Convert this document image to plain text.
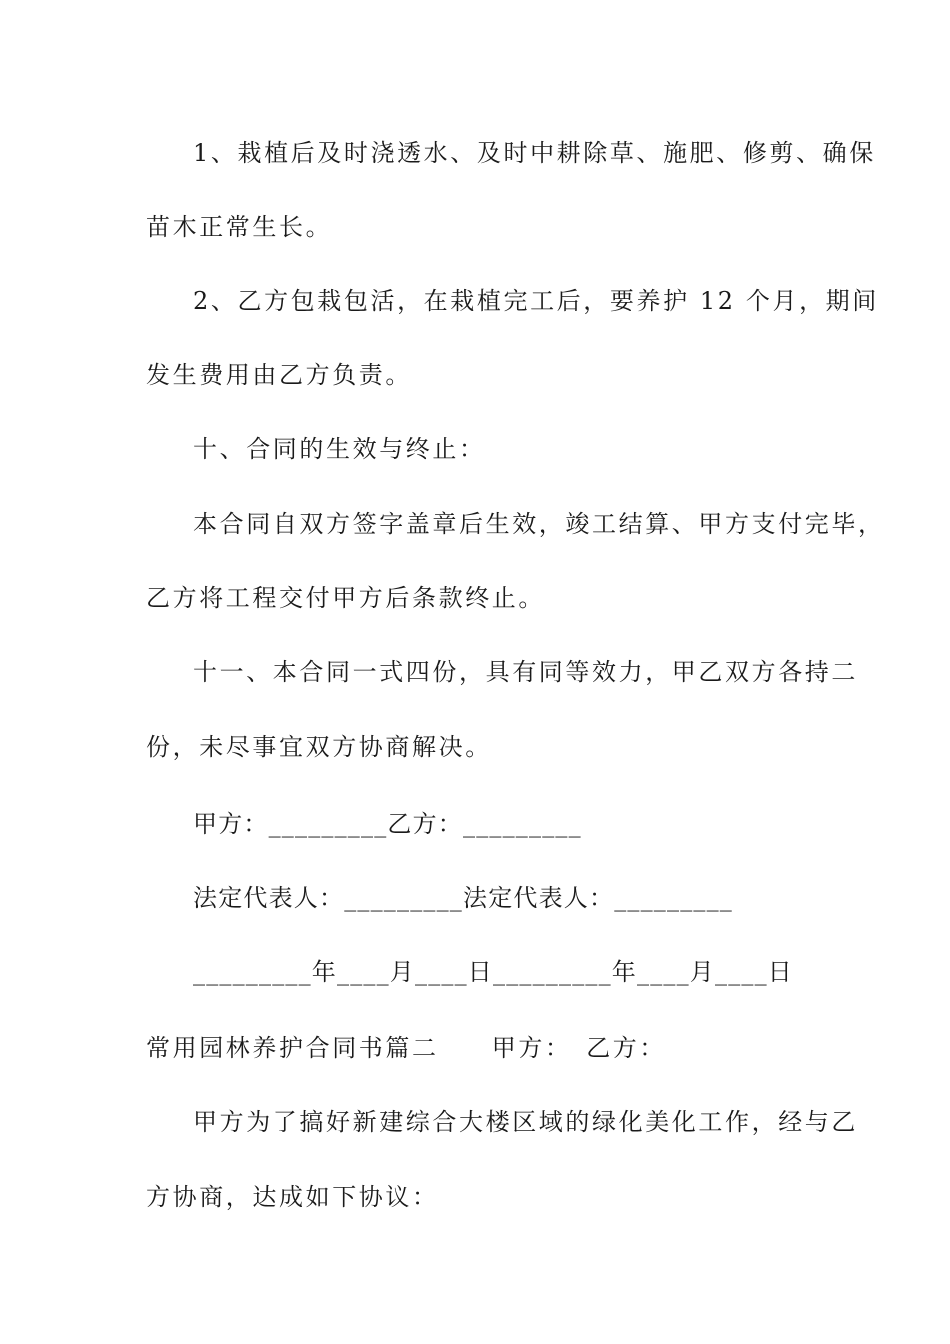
1、栽植后及时浇透水、及时中耕除草、施肥、修剪、确保
苗木正常生长。
2、乙方包栽包活，在栽植完工后，要养护 12 个月，期间
发生费用由乙方负责。
十、合同的生效与终止：
本合同自双方签字盖章后生效，竣工结算、甲方支付完毕，
乙方将工程交付甲方后条款终止。
十一、本合同一式四份，具有同等效力，甲乙双方各持二
份，未尽事宜双方协商解决。
甲方：_________乙方：_________
法定代表人：_________法定代表人：_________
_________年____月____日_________年____月____日
常用园林养护合同书篇二　　甲方：　乙方：
甲方为了搞好新建综合大楼区域的绿化美化工作，经与乙
方协商，达成如下协议：
